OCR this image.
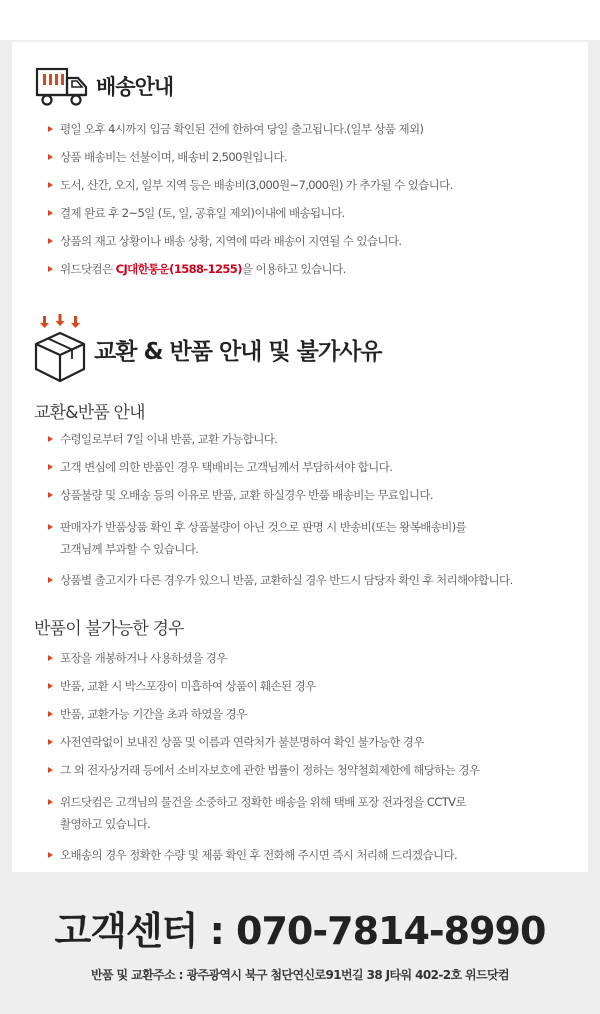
배송안내
평일 오후 4시까지 입금 확인된 건에 한하여 당일 출고됩니다.(일부 상품 제외)
상품 배송비는 선불이며, 배송비 2,500원입니다.
도서, 산간, 오지, 일부 지역 등은 배송비(3,000원~7,000원) 가 추가될 수 있습니다.
결제 완료 후 2~5일 (토, 일, 공휴일 제외)이내에 배송됩니다.
상품의 재고 상황이나 배송 상황, 지역에 따라 배송이 지연될 수 있습니다.
위드닷컴은 CJ대한통운(1588-1255)을 이용하고 있습니다.
교환 & 반품 안내 및 불가사유
교환&반품 안내
수령일로부터 7일 이내 반품, 교환 가능합니다.
고객 변심에 의한 반품인 경우 택배비는 고객님께서 부담하셔야 합니다.
상품불량 및 오배송 등의 이유로 반품, 교환 하실경우 반품 배송비는 무료입니다.
판매자가 반품상품 확인 후 상품불량이 아닌 것으로 판명 시 반송비(또는 왕복배송비)를
고객님께 부과할 수 있습니다.
상품별 출고지가 다른 경우가 있으니 반품, 교환하실 경우 반드시 담당자 확인 후 처리해야합니다.
반품이 불가능한 경우
포장을 개봉하거나 사용하셨을 경우
반품, 교환 시 박스포장이 미흡하여 상품이 훼손된 경우
반품, 교환가능 기간을 초과 하였을 경우
사전연락없이 보내진 상품 및 이름과 연락처가 불분명하여 확인 불가능한 경우
그 외 전자상거래 등에서 소비자보호에 관한 법률이 정하는 청약철회제한에 해당하는 경우
위드닷컴은 고객님의 물건을 소중하고 정확한 배송을 위해 택배 포장 전과정을 CCTV로
촬영하고 있습니다.
오배송의 경우 정확한 수량 및 제품 확인 후 전화해 주시면 즉시 처리해 드리겠습니다.
고객센터 : 070-7814-8990
반품 및 교환주소 : 광주광역시 북구 첨단연신로91번길 38 J타워 402-2호 위드닷컴
